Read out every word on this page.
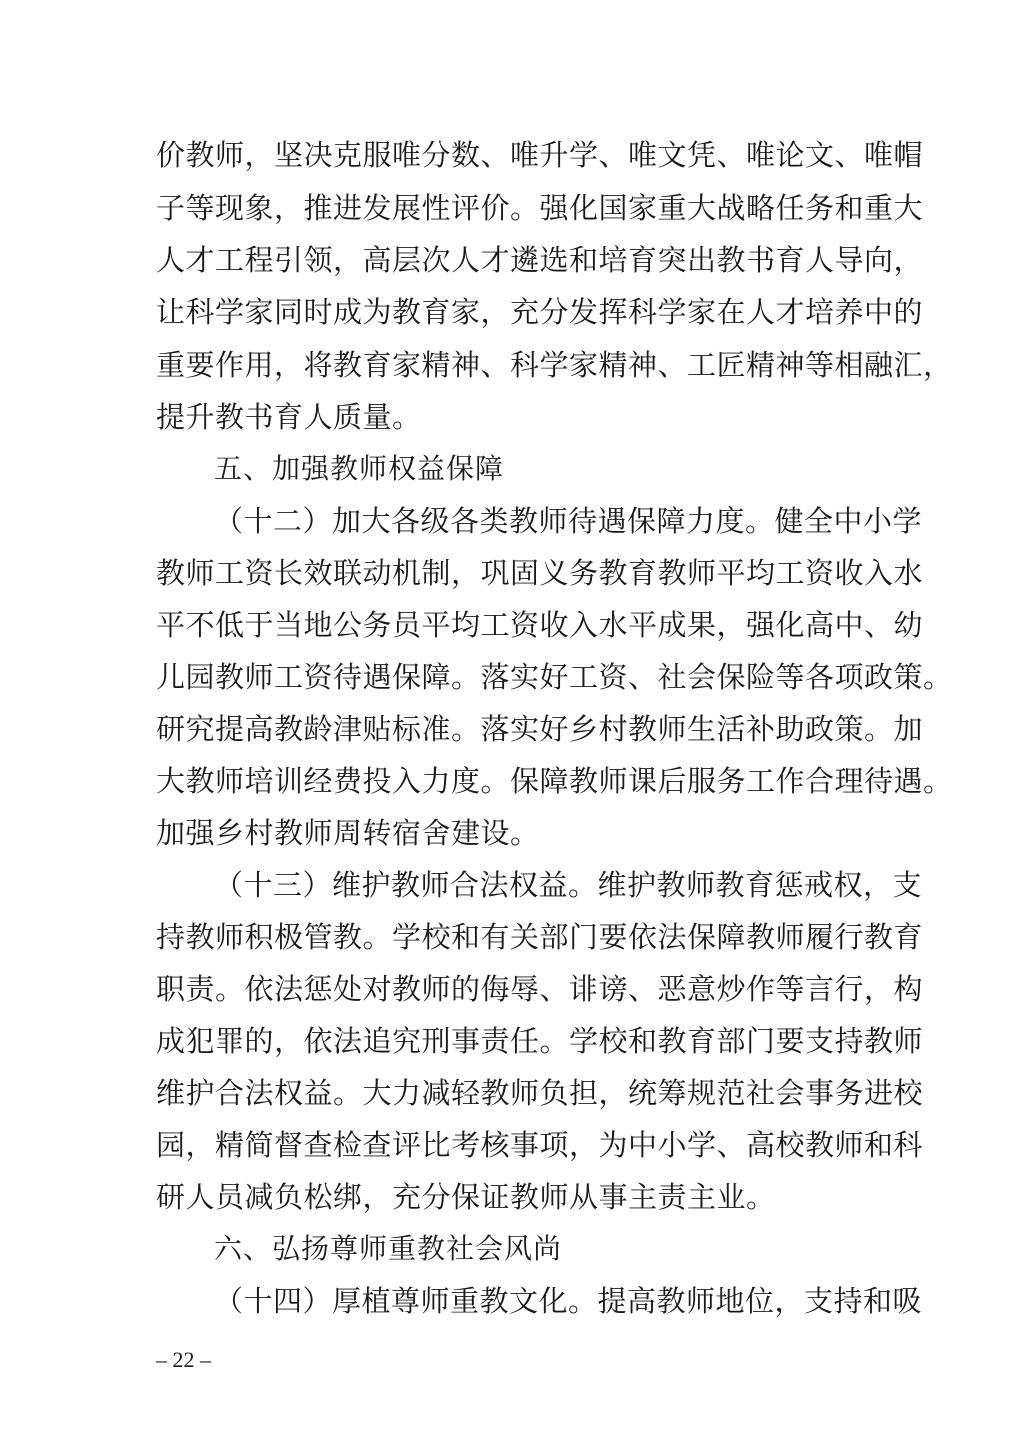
价教师，坚决克服唯分数、唯升学、唯文凭、唯论文、唯帽
子等现象，推进发展性评价。强化国家重大战略任务和重大
人才工程引领，高层次人才遴选和培育突出教书育人导向，
让科学家同时成为教育家，充分发挥科学家在人才培养中的
重要作用，将教育家精神、科学家精神、工匠精神等相融汇，
提升教书育人质量。
五、加强教师权益保障
（十二）加大各级各类教师待遇保障力度。健全中小学
教师工资长效联动机制，巩固义务教育教师平均工资收入水
平不低于当地公务员平均工资收入水平成果，强化高中、幼
儿园教师工资待遇保障。落实好工资、社会保险等各项政策。
研究提高教龄津贴标准。落实好乡村教师生活补助政策。加
大教师培训经费投入力度。保障教师课后服务工作合理待遇。
加强乡村教师周转宿舍建设。
（十三）维护教师合法权益。维护教师教育惩戒权，支
持教师积极管教。学校和有关部门要依法保障教师履行教育
职责。依法惩处对教师的侮辱、诽谤、恶意炒作等言行，构
成犯罪的，依法追究刑事责任。学校和教育部门要支持教师
维护合法权益。大力减轻教师负担，统筹规范社会事务进校
园，精简督查检查评比考核事项，为中小学、高校教师和科
研人员减负松绑，充分保证教师从事主责主业。
六、弘扬尊师重教社会风尚
（十四）厚植尊师重教文化。提高教师地位，支持和吸
– 22 –
